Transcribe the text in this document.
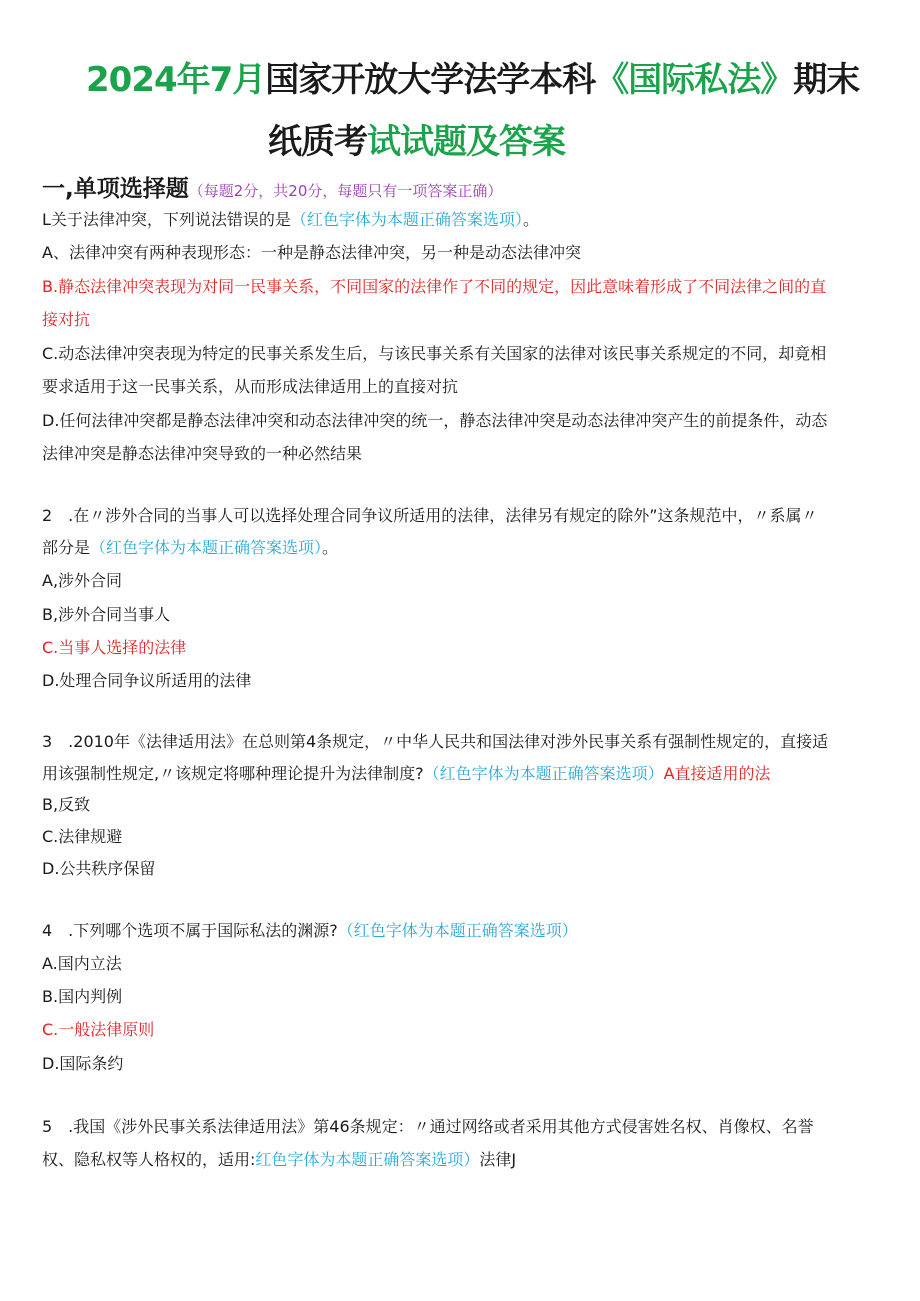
2024年7月国家开放大学法学本科《国际私法》期末
纸质考试试题及答案
一,单项选择题（每题2分，共20分，每题只有一项答案正确）
L关于法律冲突，下列说法错误的是（红色字体为本题正确答案选项）。
A、法律冲突有两种表现形态：一种是静态法律冲突，另一种是动态法律冲突
B.静态法律冲突表现为对同一民事关系，不同国家的法律作了不同的规定，因此意味着形成了不同法律之间的直
接对抗
C.动态法律冲突表现为特定的民事关系发生后，与该民事关系有关国家的法律对该民事关系规定的不同，却竟相
要求适用于这一民事关系，从而形成法律适用上的直接对抗
D.任何法律冲突都是静态法律冲突和动态法律冲突的统一，静态法律冲突是动态法律冲突产生的前提条件，动态
法律冲突是静态法律冲突导致的一种必然结果
2　.在〃涉外合同的当事人可以选择处理合同争议所适用的法律，法律另有规定的除外”这条规范中，〃系属〃
部分是（红色字体为本题正确答案选项）。
A,涉外合同
B,涉外合同当事人
C.当事人选择的法律
D.处理合同争议所适用的法律
3　.2010年《法律适用法》在总则第4条规定，〃中华人民共和国法律对涉外民事关系有强制性规定的，直接适
用该强制性规定,〃该规定将哪种理论提升为法律制度?（红色字体为本题正确答案选项）A直接适用的法
B,反致
C.法律规避
D.公共秩序保留
4　.下列哪个选项不属于国际私法的渊源?（红色字体为本题正确答案选项）
A.国内立法
B.国内判例
C.一般法律原则
D.国际条约
5　.我国《涉外民事关系法律适用法》第46条规定：〃通过网络或者采用其他方式侵害姓名权、肖像权、名誉
权、隐私权等人格权的，适用:红色字体为本题正确答案选项）法律J
